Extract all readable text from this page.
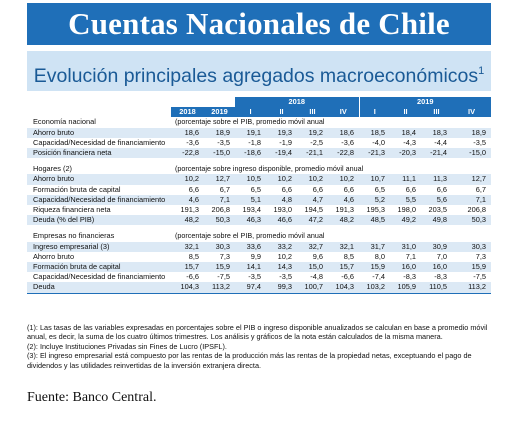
Cuentas Nacionales de Chile
Evolución principales agregados macroeconómicos$^1$
			2018				2019			
	2018	2019	I	II	III	IV	I	II	III	IV
Economía nacional	(porcentaje sobre el PIB, promedio móvil anual									
Ahorro bruto	18,6	18,9	19,1	19,3	19,2	18,6	18,5	18,4	18,3	18,9
Capacidad/Necesidad de financiamiento	-3,6	-3,5	-1,8	-1,9	-2,5	-3,6	-4,0	-4,3	-4,4	-3,5
Posición financiera neta	-22,8	-15,0	-18,6	-19,4	-21,1	-22,8	-21,3	-20,3	-21,4	-15,0

Hogares (2)	(porcentaje sobre ingreso disponible, promedio móvil anual									
Ahorro bruto	10,2	12,7	10,5	10,2	10,2	10,2	10,7	11,1	11,3	12,7
Formación bruta de capital	6,6	6,7	6,5	6,6	6,6	6,6	6,5	6,6	6,6	6,7
Capacidad/Necesidad de financiamiento	4,6	7,1	5,1	4,8	4,7	4,6	5,2	5,5	5,6	7,1
Riqueza financiera neta	191,3	206,8	193,4	193,0	194,5	191,3	195,3	198,0	203,5	206,8
Deuda (% del PIB)	48,2	50,3	46,3	46,6	47,2	48,2	48,5	49,2	49,8	50,3

Empresas no financieras	(porcentaje sobre el PIB, promedio móvil anual									
Ingreso empresarial (3)	32,1	30,3	33,6	33,2	32,7	32,1	31,7	31,0	30,9	30,3
Ahorro bruto	8,5	7,3	9,9	10,2	9,6	8,5	8,0	7,1	7,0	7,3
Formación bruta de capital	15,7	15,9	14,1	14,3	15,0	15,7	15,9	16,0	16,0	15,9
Capacidad/Necesidad de financiamiento	-6,6	-7,5	-3,5	-3,5	-4,8	-6,6	-7,4	-8,3	-8,3	-7,5
Deuda	104,3	113,2	97,4	99,3	100,7	104,3	103,2	105,9	110,5	113,2

(1): Las tasas de las variables expresadas en porcentajes sobre el PIB o ingreso disponible anualizados se calculan en base a promedio móvil anual, es decir, la suma de los cuatro últimos trimestres. Los análisis y gráficos de la nota están calculados de la misma manera.

(2): Incluye Instituciones Privadas sin Fines de Lucro (IPSFL).

(3): El ingreso empresarial está compuesto por las rentas de la producción más las rentas de la propiedad netas, exceptuando el pago de dividendos y las utilidades reinvertidas de la inversión extranjera directa.

Fuente: Banco Central.
